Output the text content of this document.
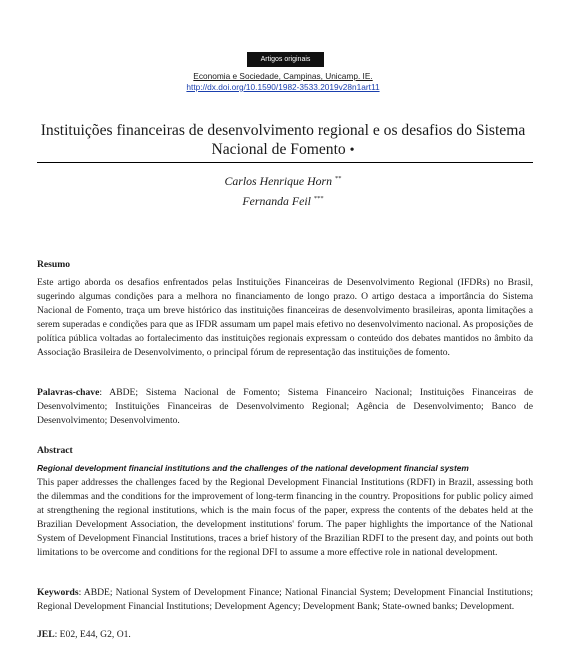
Artigos originais
Economia e Sociedade, Campinas, Unicamp. IE.
http://dx.doi.org/10.1590/1982-3533.2019v28n1art11
Instituições financeiras de desenvolvimento regional e os desafios do Sistema Nacional de Fomento •
Carlos Henrique Horn **
Fernanda Feil ***
Resumo

Este artigo aborda os desafios enfrentados pelas Instituições Financeiras de Desenvolvimento Regional (IFDRs) no Brasil, sugerindo algumas condições para a melhora no financiamento de longo prazo. O artigo destaca a importância do Sistema Nacional de Fomento, traça um breve histórico das instituições financeiras de desenvolvimento brasileiras, aponta limitações a serem superadas e condições para que as IFDR assumam um papel mais efetivo no desenvolvimento nacional. As proposições de política pública voltadas ao fortalecimento das instituições regionais expressam o conteúdo dos debates mantidos no âmbito da Associação Brasileira de Desenvolvimento, o principal fórum de representação das instituições de fomento.

Palavras-chave: ABDE; Sistema Nacional de Fomento; Sistema Financeiro Nacional; Instituições Financeiras de Desenvolvimento; Instituições Financeiras de Desenvolvimento Regional; Agência de Desenvolvimento; Banco de Desenvolvimento; Desenvolvimento.

Abstract

Regional development financial institutions and the challenges of the national development financial system

This paper addresses the challenges faced by the Regional Development Financial Institutions (RDFI) in Brazil, assessing both the dilemmas and the conditions for the improvement of long-term financing in the country. Propositions for public policy aimed at strengthening the regional institutions, which is the main focus of the paper, express the contents of the debates held at the Brazilian Development Association, the development institutions' forum. The paper highlights the importance of the National System of Development Financial Institutions, traces a brief history of the Brazilian RDFI to the present day, and points out both limitations to be overcome and conditions for the regional DFI to assume a more effective role in national development.

Keywords: ABDE; National System of Development Finance; National Financial System; Development Financial Institutions; Regional Development Financial Institutions; Development Agency; Development Bank; State-owned banks; Development.

JEL: E02, E44, G2, O1.
